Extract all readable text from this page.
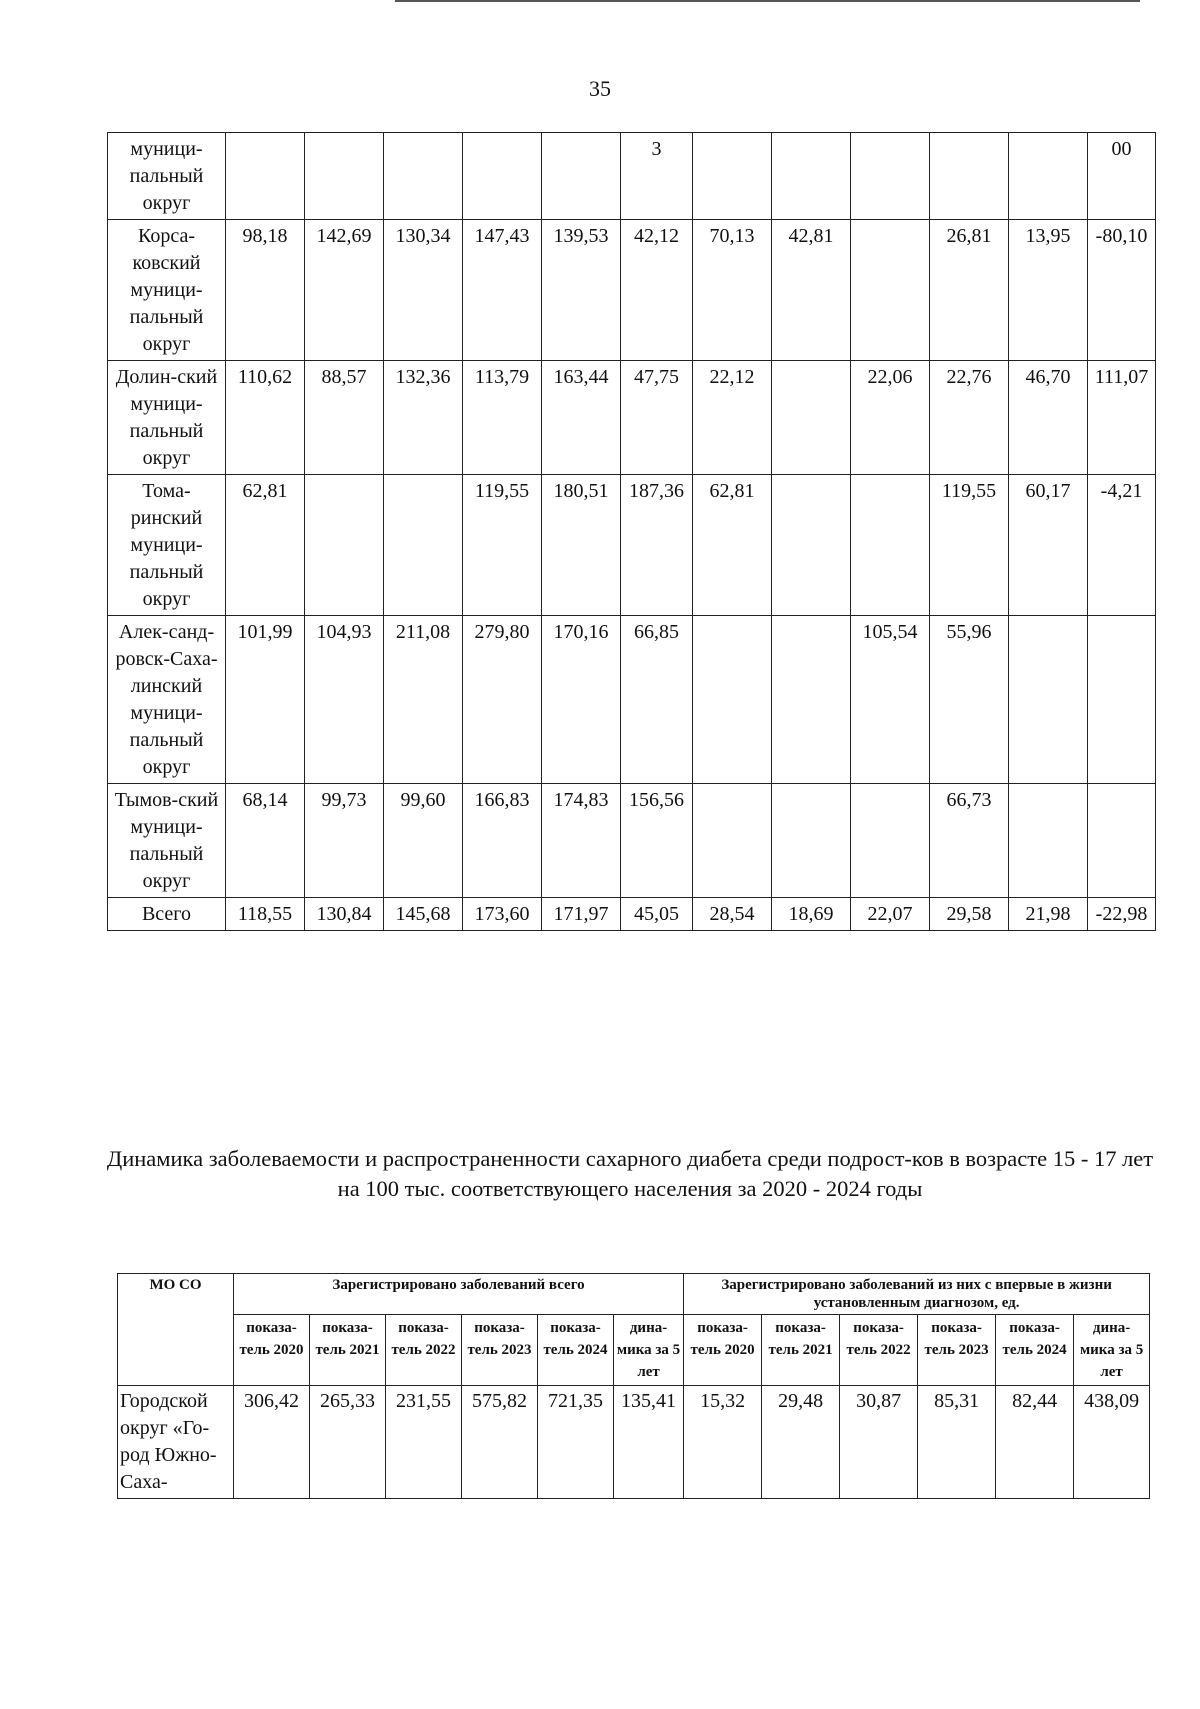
35
муници-пальный округ						3						00
Корса-ковский муници-пальный округ	98,18	142,69	130,34	147,43	139,53	42,12	70,13	42,81		26,81	13,95	-80,10
Долин-ский муници-пальный округ	110,62	88,57	132,36	113,79	163,44	47,75	22,12		22,06	22,76	46,70	111,07
Тома-ринский муници-пальный округ	62,81			119,55	180,51	187,36	62,81			119,55	60,17	-4,21
Алек-санд-ровск-Саха-линский муници-пальный округ	101,99	104,93	211,08	279,80	170,16	66,85			105,54	55,96		
Тымов-ский муници-пальный округ	68,14	99,73	99,60	166,83	174,83	156,56				66,73		
Всего	118,55	130,84	145,68	173,60	171,97	45,05	28,54	18,69	22,07	29,58	21,98	-22,98
Динамика заболеваемости и распространенности сахарного диабета среди подрост-ков в возрасте 15 - 17 лет на 100 тыс. соответствующего населения за 2020 - 2024 годы
МО СО	Зарегистрировано заболеваний всего						Зарегистрировано заболеваний из них с впервые в жизни установленным диагнозом, ед.					
	показа-тель 2020	показа-тель 2021	показа-тель 2022	показа-тель 2023	показа-тель 2024	дина-мика за 5 лет	показа-тель 2020	показа-тель 2021	показа-тель 2022	показа-тель 2023	показа-тель 2024	дина-мика за 5 лет
Городской округ «Го-род Южно-Саха-	306,42	265,33	231,55	575,82	721,35	135,41	15,32	29,48	30,87	85,31	82,44	438,09
